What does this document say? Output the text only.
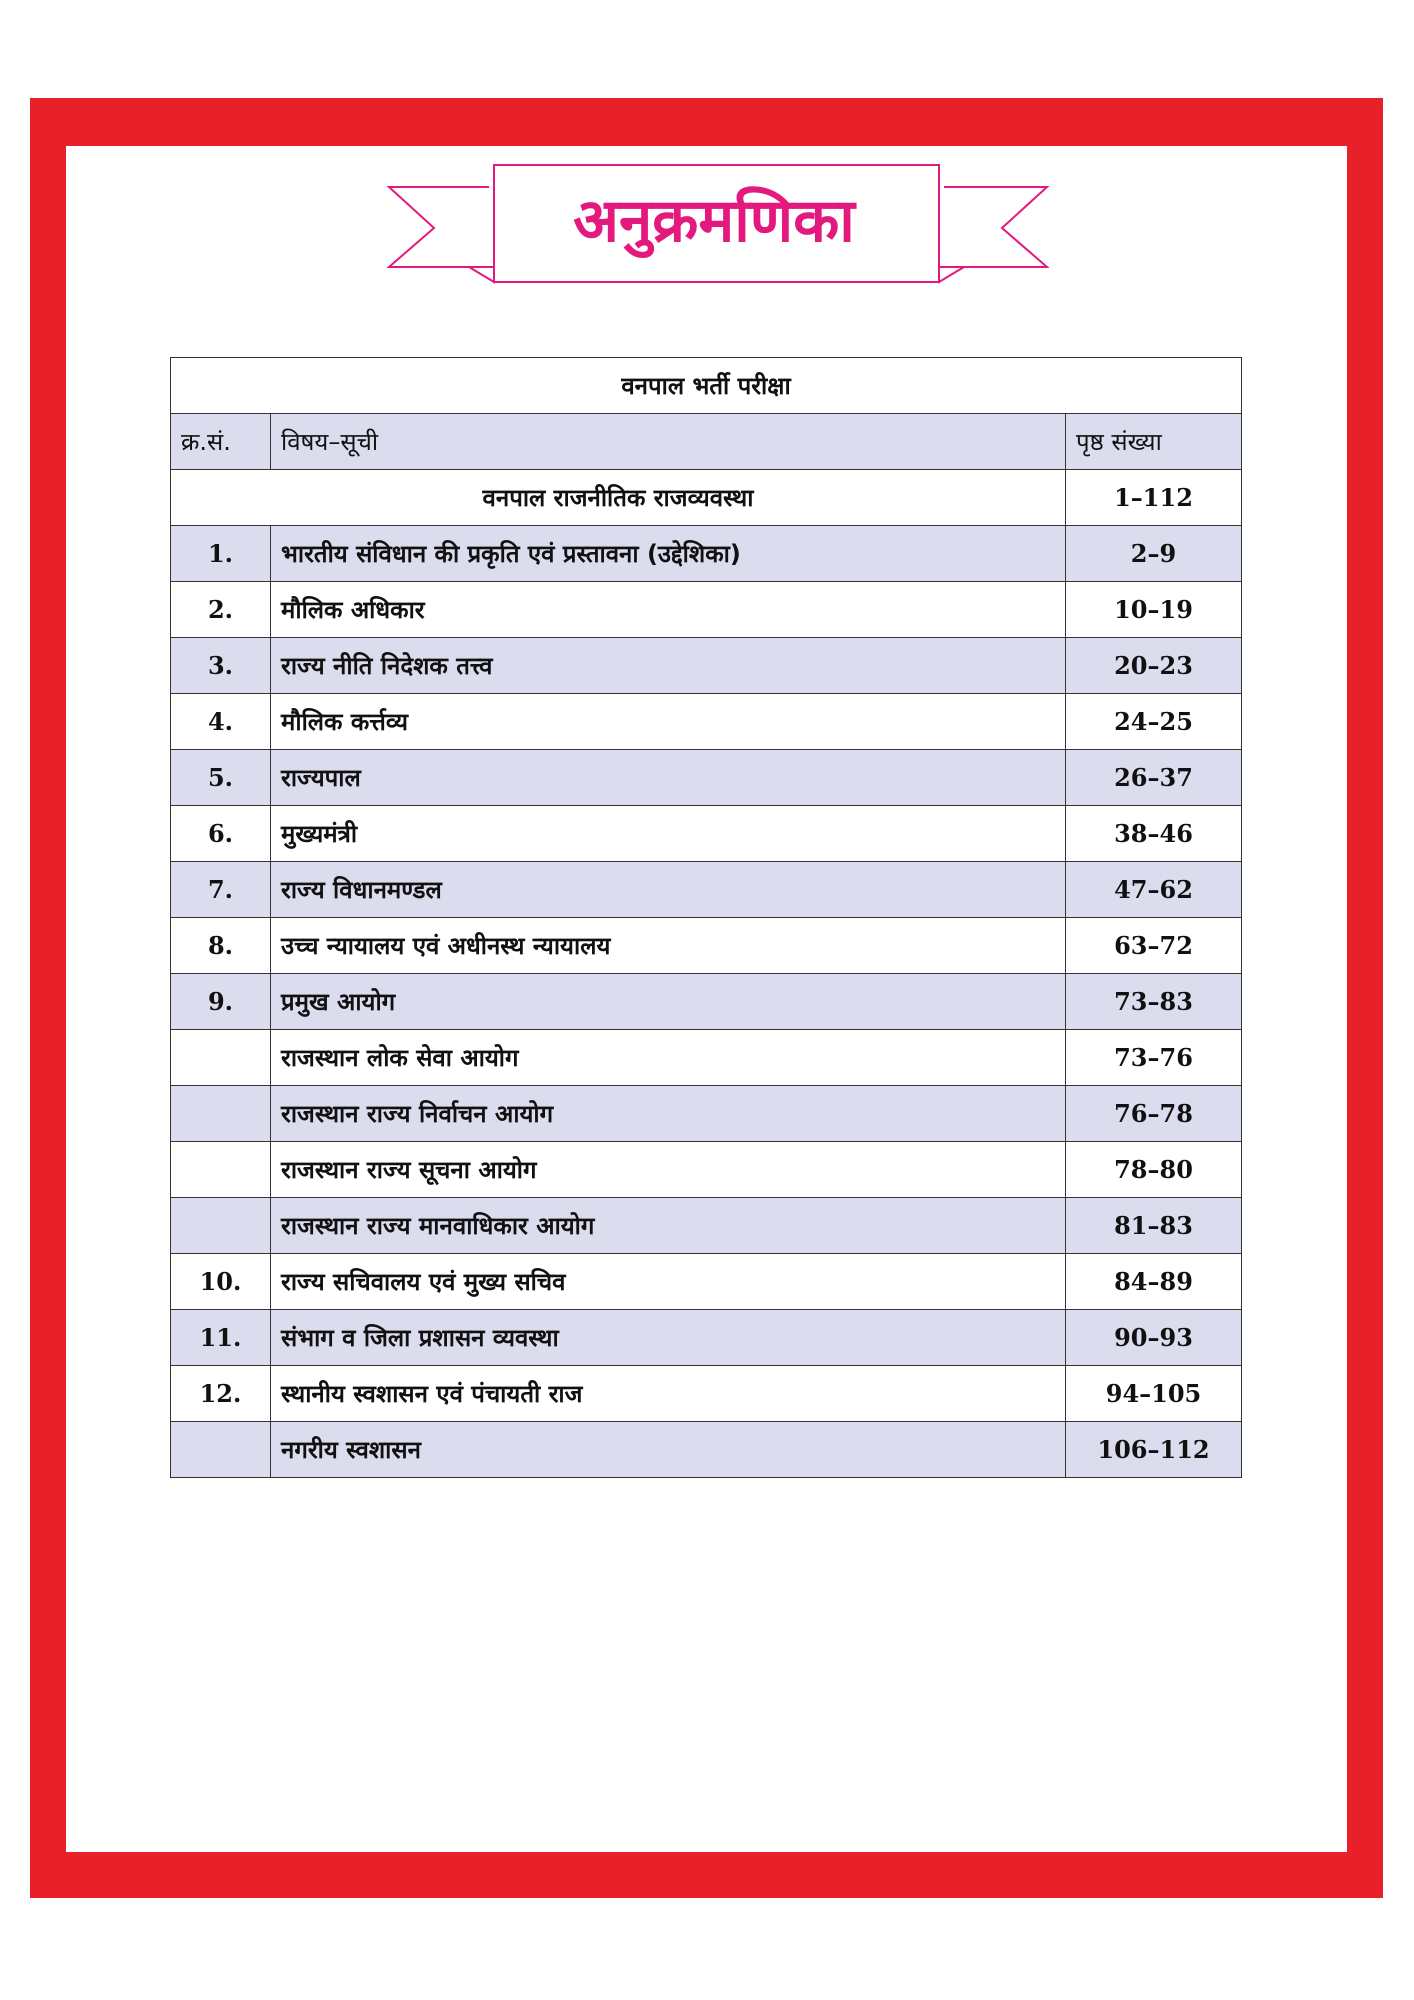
अनुक्रमणिका
वनपाल भर्ती परीक्षा		
क्र.सं.	विषय–सूची	पृष्ठ संख्या
वनपाल राजनीतिक राजव्यवस्था		1–112
1.	भारतीय संविधान की प्रकृति एवं प्रस्तावना (उद्देशिका)	2–9
2.	मौलिक अधिकार	10–19
3.	राज्य नीति निदेशक तत्त्व	20–23
4.	मौलिक कर्त्तव्य	24–25
5.	राज्यपाल	26–37
6.	मुख्यमंत्री	38–46
7.	राज्य विधानमण्डल	47–62
8.	उच्च न्यायालय एवं अधीनस्थ न्यायालय	63–72
9.	प्रमुख आयोग	73–83
	राजस्थान लोक सेवा आयोग	73–76
	राजस्थान राज्य निर्वाचन आयोग	76–78
	राजस्थान राज्य सूचना आयोग	78–80
	राजस्थान राज्य मानवाधिकार आयोग	81–83
10.	राज्य सचिवालय एवं मुख्य सचिव	84–89
11.	संभाग व जिला प्रशासन व्यवस्था	90–93
12.	स्थानीय स्वशासन एवं पंचायती राज	94–105
	नगरीय स्वशासन	106–112
